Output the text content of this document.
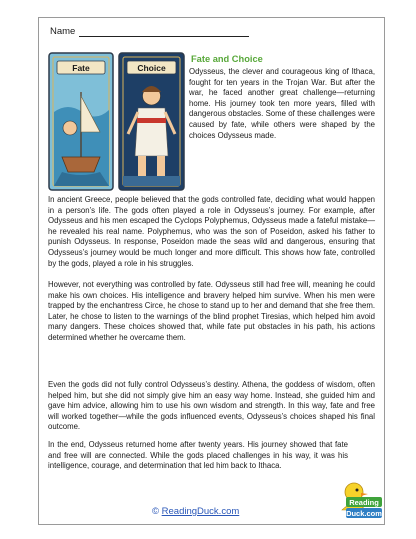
Name
Fate	Choice
Fate and Choice

Odysseus, the clever and courageous king of Ithaca, fought for ten years in the Trojan War. But after the war, he faced another great challenge—returning home. His journey took ten more years, filled with dangerous obstacles. Some of these challenges were caused by fate, while others were shaped by the choices Odysseus made.

In ancient Greece, people believed that the gods controlled fate, deciding what would happen in a person’s life. The gods often played a role in Odysseus’s journey. For example, after Odysseus and his men escaped the Cyclops Polyphemus, Odysseus made a fateful mistake—he revealed his real name. Polyphemus, who was the son of Poseidon, asked his father to punish Odysseus. In response, Poseidon made the seas wild and dangerous, ensuring that Odysseus’s journey would be much longer and more difficult. This shows how fate, controlled by the gods, played a role in his struggles.

However, not everything was controlled by fate. Odysseus still had free will, meaning he could make his own choices. His intelligence and bravery helped him survive. When his men were trapped by the enchantress Circe, he chose to stand up to her and demand that she free them. Later, he chose to listen to the warnings of the blind prophet Tiresias, which helped him avoid many dangers. These choices showed that, while fate put obstacles in his path, his actions determined whether he overcame them.

Even the gods did not fully control Odysseus’s destiny. Athena, the goddess of wisdom, often helped him, but she did not simply give him an easy way home. Instead, she guided him and gave him advice, allowing him to use his own wisdom and strength. In this way, fate and free will worked together—while the gods influenced events, Odysseus’s choices shaped his final outcome.

In the end, Odysseus returned home after twenty years. His journey showed that fate and free will are connected. While the gods placed challenges in his way, it was his intelligence, courage, and determination that led him back to Ithaca.

© ReadingDuck.com
Reading
Duck.com
